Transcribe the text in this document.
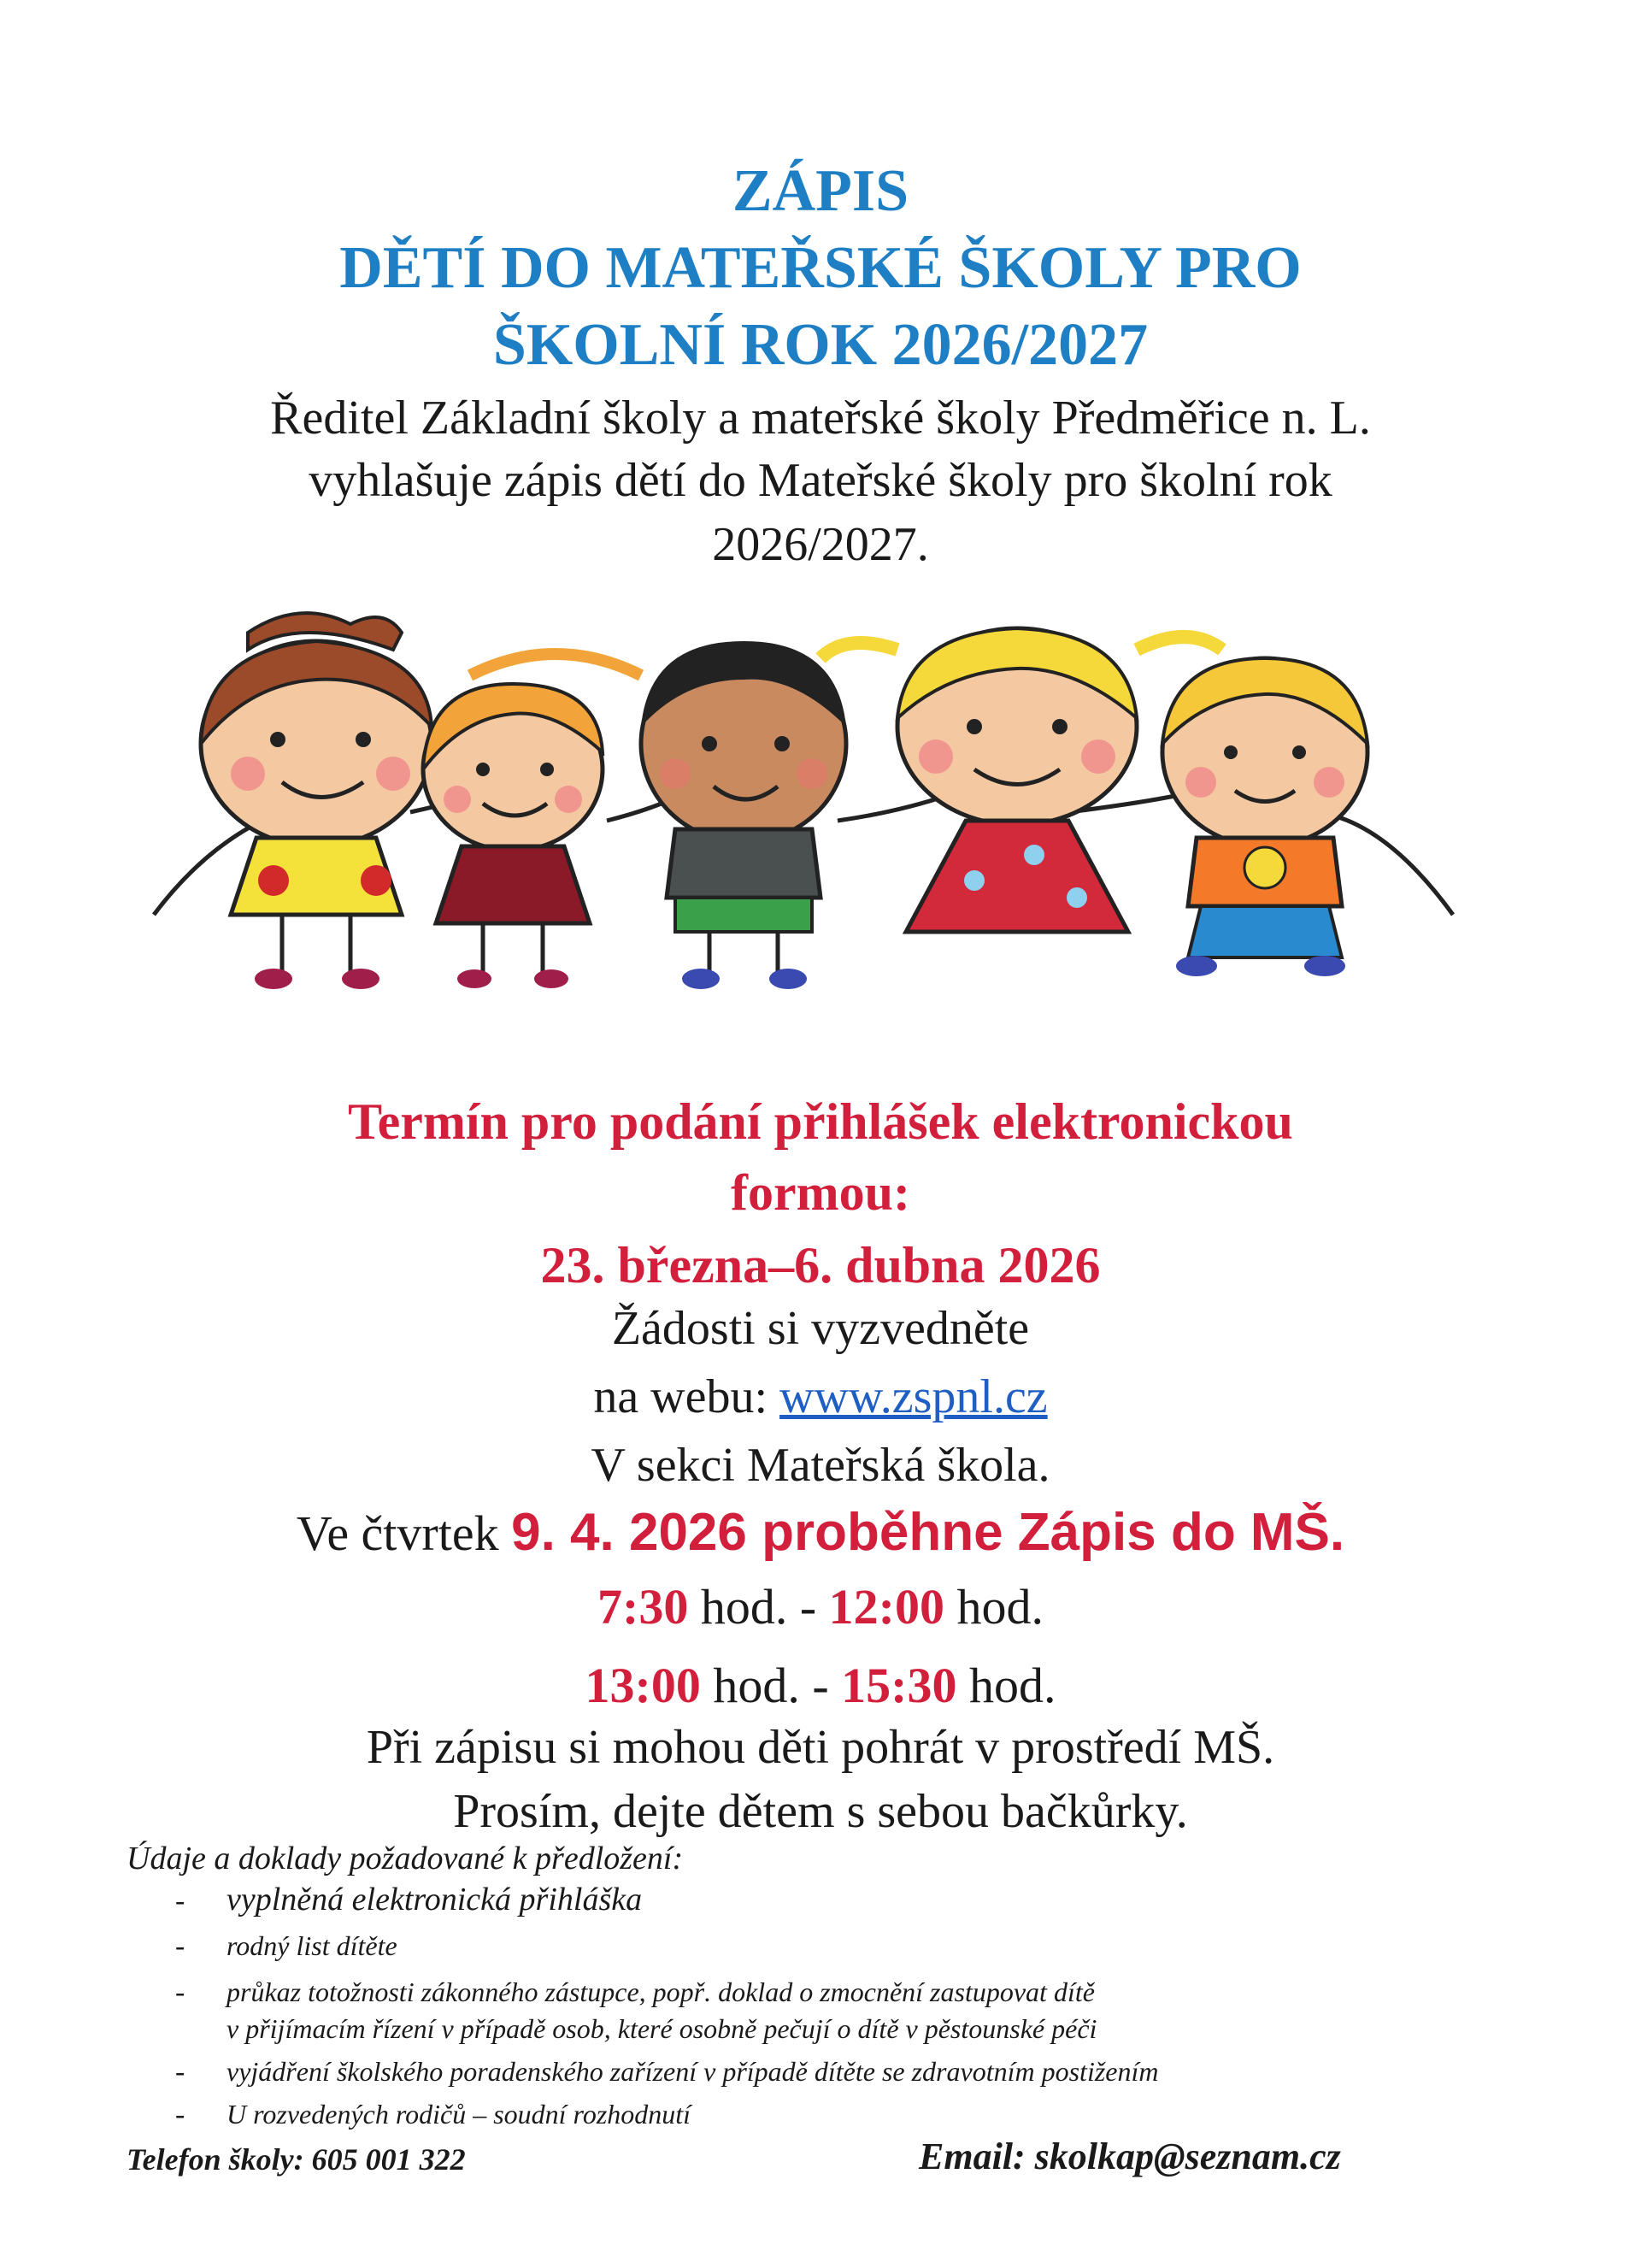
ZÁPIS
DĚTÍ DO MATEŘSKÉ ŠKOLY PRO
ŠKOLNÍ ROK 2026/2027
Ředitel Základní školy a mateřské školy Předměřice n. L.
vyhlašuje zápis dětí do Mateřské školy pro školní rok
2026/2027.
Termín pro podání přihlášek elektronickou
formou:
23. března–6. dubna 2026
Žádosti si vyzvedněte
na webu: www.zspnl.cz
V sekci Mateřská škola.
Ve čtvrtek 9. 4. 2026 proběhne Zápis do MŠ.
7:30 hod. - 12:00 hod.
13:00 hod. - 15:30 hod.
Při zápisu si mohou děti pohrát v prostředí MŠ.
Prosím, dejte dětem s sebou bačkůrky.
Údaje a doklady požadované k předložení:
- vyplněná elektronická přihláška
- rodný list dítěte
- průkaz totožnosti zákonného zástupce, popř. doklad o zmocnění zastupovat dítě
v přijímacím řízení v případě osob, které osobně pečují o dítě v pěstounské péči
- vyjádření školského poradenského zařízení v případě dítěte se zdravotním postižením
- U rozvedených rodičů – soudní rozhodnutí
Telefon školy: 605 001 322	Email: skolkap@seznam.cz
